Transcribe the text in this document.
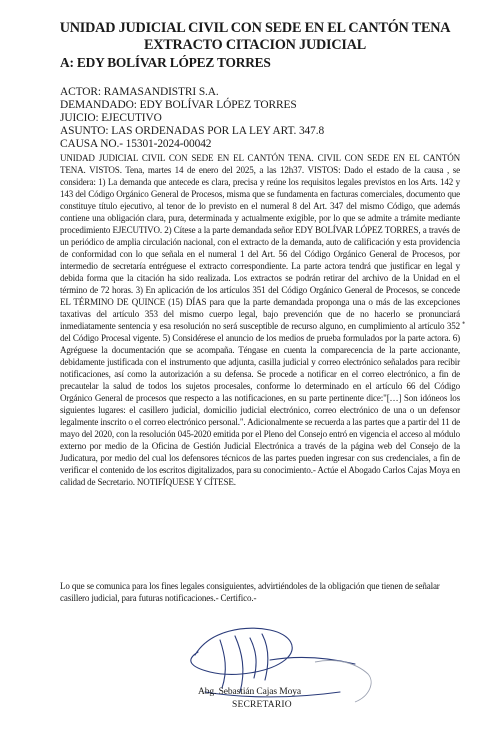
UNIDAD JUDICIAL CIVIL CON SEDE EN EL CANTÓN TENA
EXTRACTO CITACION JUDICIAL
A: EDY BOLÍVAR LÓPEZ TORRES
ACTOR: RAMASANDISTRI S.A.
DEMANDADO: EDY BOLÍVAR LÓPEZ TORRES
JUICIO: EJECUTIVO
ASUNTO: LAS ORDENADAS POR LA LEY ART. 347.8
CAUSA NO.- 15301-2024-00042
UNIDAD JUDICIAL CIVIL CON SEDE EN EL CANTÓN TENA. CIVIL CON SEDE EN EL CANTÓN TENA. VISTOS. Tena, martes 14 de enero del 2025, a las 12h37. VISTOS: Dado el estado de la causa , se considera: 1) La demanda que antecede es clara, precisa y reúne los requisitos legales previstos en los Arts. 142 y 143 del Código Orgánico General de Procesos, misma que se fundamenta en facturas comerciales, documento que constituye título ejecutivo, al tenor de lo previsto en el numeral 8 del Art. 347 del mismo Código, que además contiene una obligación clara, pura, determinada y actualmente exigible, por lo que se admite a trámite mediante procedimiento EJECUTIVO. 2) Cítese a la parte demandada señor EDY BOLÍVAR LÓPEZ TORRES, a través de un periódico de amplia circulación nacional, con el extracto de la demanda, auto de calificación y esta providencia de conformidad con lo que señala en el numeral 1 del Art. 56 del Código Orgánico General de Procesos, por intermedio de secretaría entréguese el extracto correspondiente. La parte actora tendrá que justificar en legal y debida forma que la citación ha sido realizada. Los extractos se podrán retirar del archivo de la Unidad en el término de 72 horas. 3) En aplicación de los artículos 351 del Código Orgánico General de Procesos, se concede EL TÉRMINO DE QUINCE (15) DÍAS para que la parte demandada proponga una o más de las excepciones taxativas del artículo 353 del mismo cuerpo legal, bajo prevención que de no hacerlo se pronunciará inmediatamente sentencia y esa resolución no será susceptible de recurso alguno, en cumplimiento al artículo 352 del Código Procesal vigente. 5) Considérese el anuncio de los medios de prueba formulados por la parte actora. 6) Agréguese la documentación que se acompaña. Téngase en cuenta la comparecencia de la parte accionante, debidamente justificada con el instrumento que adjunta, casilla judicial y correo electrónico señalados para recibir notificaciones, así como la autorización a su defensa. Se procede a notificar en el correo electrónico, a fin de precautelar la salud de todos los sujetos procesales, conforme lo determinado en el artículo 66 del Código Orgánico General de procesos que respecto a las notificaciones, en su parte pertinente dice:"[…] Son idóneos los siguientes lugares: el casillero judicial, domicilio judicial electrónico, correo electrónico de una o un defensor legalmente inscrito o el correo electrónico personal.". Adicionalmente se recuerda a las partes que a partir del 11 de mayo del 2020, con la resolución 045-2020 emitida por el Pleno del Consejo entró en vigencia el acceso al módulo externo por medio de la Oficina de Gestión Judicial Electrónica a través de la página web del Consejo de la Judicatura, por medio del cual los defensores técnicos de las partes pueden ingresar con sus credenciales, a fin de verificar el contenido de los escritos digitalizados, para su conocimiento.- Actúe el Abogado Carlos Cajas Moya en calidad de Secretario. NOTIFÍQUESE Y CÍTESE.
•
Lo que se comunica para los fines legales consiguientes, advirtiéndoles de la obligación que tienen de señalar casillero judicial, para futuras notificaciones.- Certifico.-
Abg. Sebastián Cajas Moya
SECRETARIO
